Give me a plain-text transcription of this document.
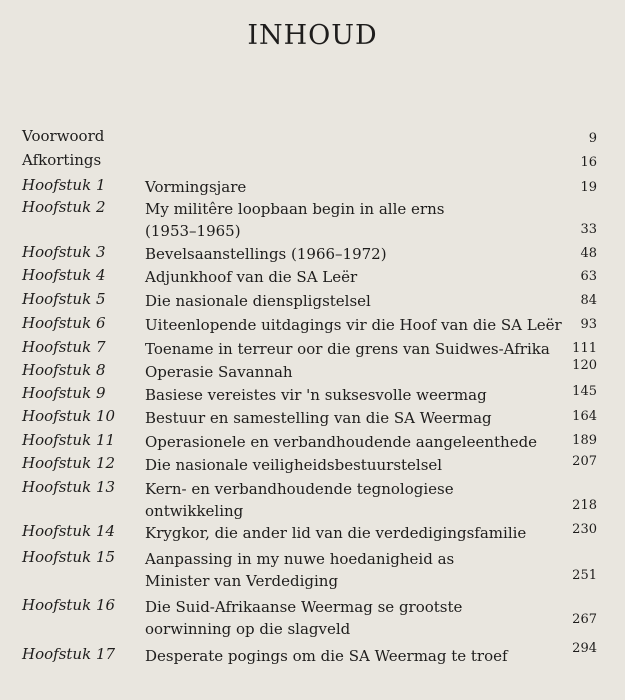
INHOUD
Voorwoord	9
Afkortings	16
Hoofstuk 1	Vormingsjare	19
Hoofstuk 2	My militêre loopbaan begin in alle erns
(1953–1965)	33
Hoofstuk 3	Bevelsaanstellings (1966–1972)	48
Hoofstuk 4	Adjunkhoof van die SA Leër	63
Hoofstuk 5	Die nasionale dienspligstelsel	84
Hoofstuk 6	Uiteenlopende uitdagings vir die Hoof van die SA Leër 93
Hoofstuk 7	Toename in terreur oor die grens van Suidwes-Afrika 111
Hoofstuk 8	Operasie Savannah	120
Hoofstuk 9	Basiese vereistes vir 'n suksesvolle weermag	145
Hoofstuk 10 Bestuur en samestelling van die SA Weermag	164
Hoofstuk 11 Operasionele en verbandhoudende aangeleenthede	189
Hoofstuk 12 Die nasionale veiligheidsbestuurstelsel	207
Hoofstuk 13 Kern- en verbandhoudende tegnologiese
ontwikkeling	218
Hoofstuk 14 Krygkor, die ander lid van die verdedigingsfamilie	230
Hoofstuk 15 Aanpassing in my nuwe hoedanigheid as
Minister van Verdediging	251
Hoofstuk 16 Die Suid-Afrikaanse Weermag se grootste
oorwinning op die slagveld
267
Hoofstuk 17 Desperate pogings om die SA Weermag te troef	294
